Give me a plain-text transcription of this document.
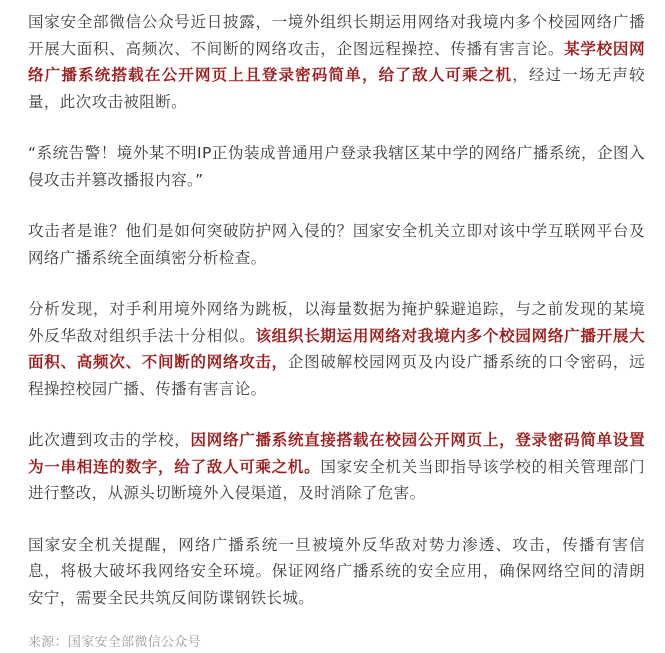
国家安全部微信公众号近日披露，一境外组织长期运用网络对我境内多个校园网络广播开展大面积、高频次、不间断的网络攻击，企图远程操控、传播有害言论。某学校因网络广播系统搭载在公开网页上且登录密码简单，给了敌人可乘之机，经过一场无声较量，此次攻击被阻断。

“系统告警！境外某不明IP正伪装成普通用户登录我辖区某中学的网络广播系统，企图入侵攻击并篡改播报内容。”

攻击者是谁？他们是如何突破防护网入侵的？国家安全机关立即对该中学互联网平台及网络广播系统全面缜密分析检查。

分析发现，对手利用境外网络为跳板，以海量数据为掩护躲避追踪，与之前发现的某境外反华敌对组织手法十分相似。该组织长期运用网络对我境内多个校园网络广播开展大面积、高频次、不间断的网络攻击，企图破解校园网页及内设广播系统的口令密码，远程操控校园广播、传播有害言论。

此次遭到攻击的学校，因网络广播系统直接搭载在校园公开网页上，登录密码简单设置为一串相连的数字，给了敌人可乘之机。国家安全机关当即指导该学校的相关管理部门进行整改，从源头切断境外入侵渠道，及时消除了危害。

国家安全机关提醒，网络广播系统一旦被境外反华敌对势力渗透、攻击，传播有害信息，将极大破坏我网络安全环境。保证网络广播系统的安全应用，确保网络空间的清朗安宁，需要全民共筑反间防谍钢铁长城。

来源：国家安全部微信公众号
